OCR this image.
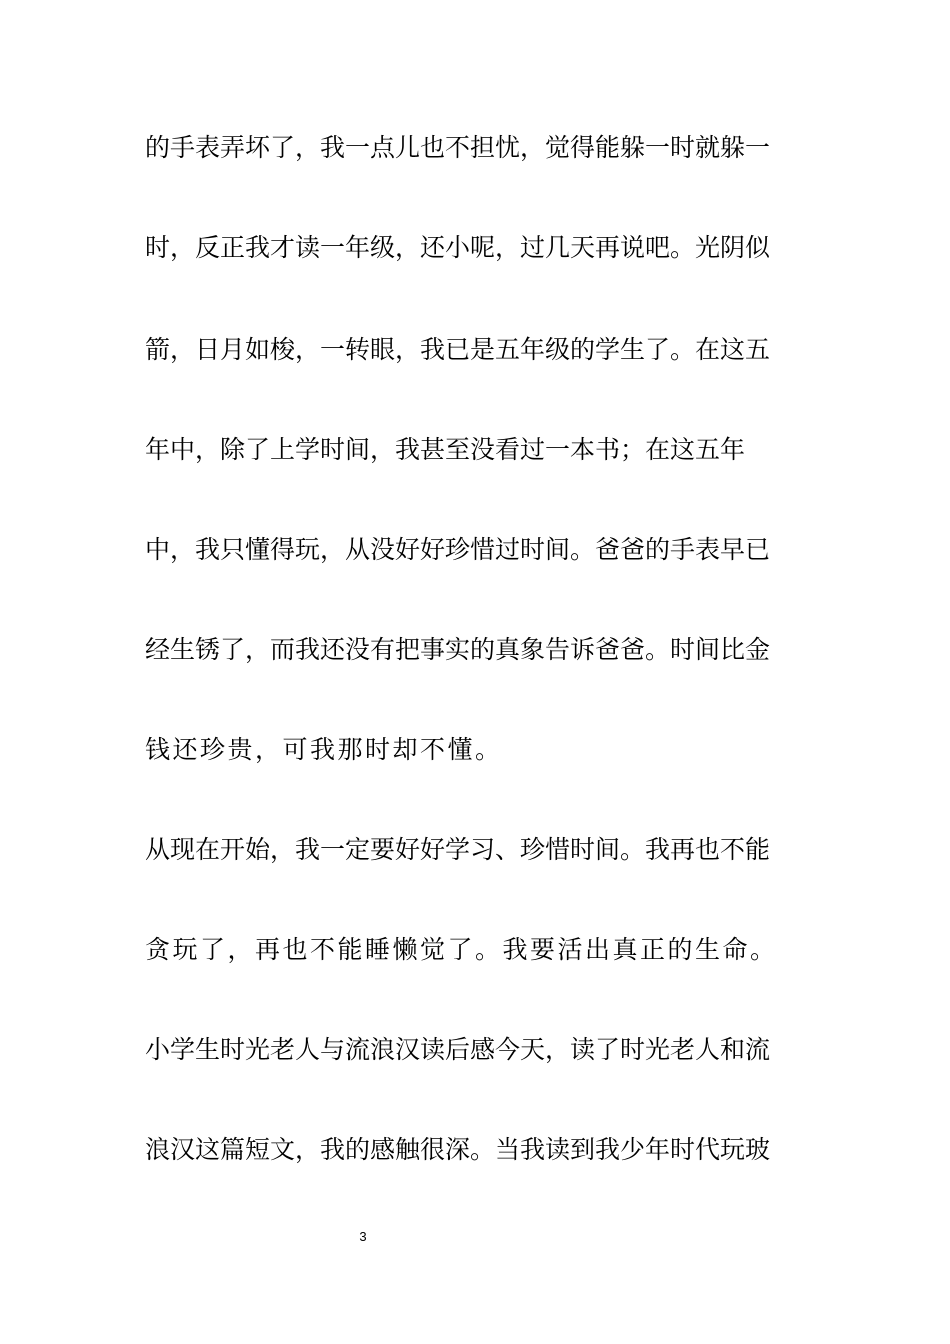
的手表弄坏了，我一点儿也不担忧，觉得能躲一时就躲一
时，反正我才读一年级，还小呢，过几天再说吧。光阴似
箭，日月如梭，一转眼，我已是五年级的学生了。在这五
年中，除了上学时间，我甚至没看过一本书；在这五年
中，我只懂得玩，从没好好珍惜过时间。爸爸的手表早已
经生锈了，而我还没有把事实的真象告诉爸爸。时间比金
钱还珍贵，可我那时却不懂。
从现在开始，我一定要好好学习、珍惜时间。我再也不能
贪玩了，再也不能睡懒觉了。我要活出真正的生命。
小学生时光老人与流浪汉读后感今天，读了时光老人和流
浪汉这篇短文，我的感触很深。当我读到我少年时代玩玻
3
